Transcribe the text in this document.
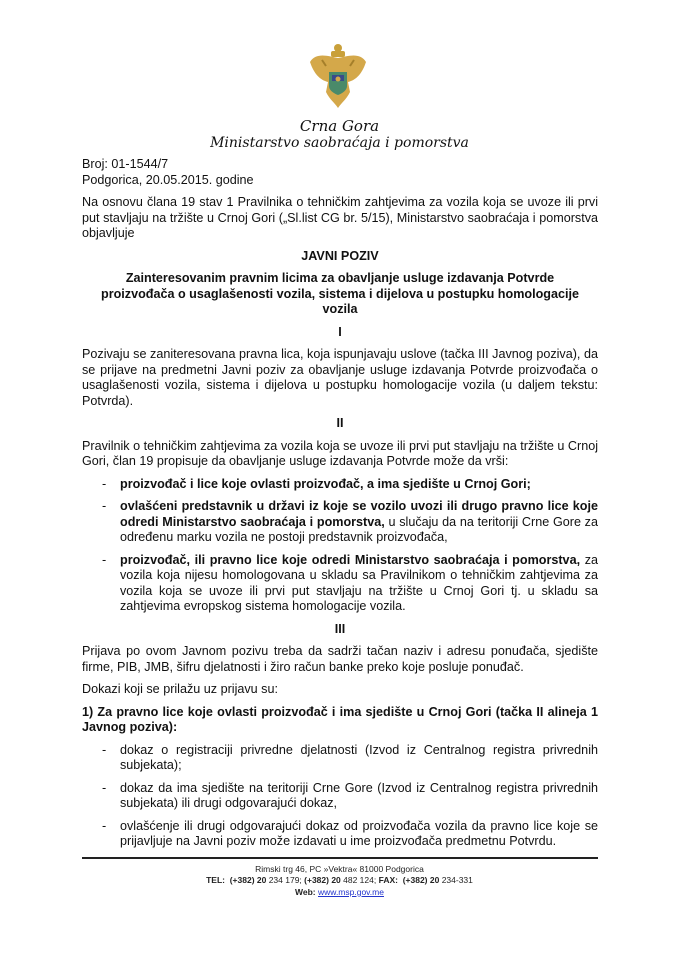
Crna Gora
Ministarstvo saobraćaja i pomorstva

Broj: 01-1544/7

Podgorica, 20.05.2015. godine

Na osnovu člana 19 stav 1 Pravilnika o tehničkim zahtjevima za vozila koja se uvoze ili prvi put stavljaju na tržište u Crnoj Gori („Sl.list CG br. 5/15), Ministarstvo saobraćaja i pomorstva objavljuje

JAVNI POZIV

Zainteresovanim pravnim licima za obavljanje usluge izdavanja Potvrde proizvođača o usaglašenosti vozila, sistema i dijelova u postupku homologacije vozila

I

Pozivaju se zaniteresovana pravna lica, koja ispunjavaju uslove (tačka III Javnog poziva), da se prijave na predmetni Javni poziv za obavljanje usluge izdavanja Potvrde proizvođača o usaglašenosti vozila, sistema i dijelova u postupku homologacije vozila (u daljem tekstu: Potvrda).

II

Pravilnik o tehničkim zahtjevima za vozila koja se uvoze ili prvi put stavljaju na tržište u Crnoj Gori, član 19 propisuje da obavljanje usluge izdavanja Potvrde može da vrši:

- proizvođač i lice koje ovlasti proizvođač, a ima sjedište u Crnoj Gori;
- ovlašćeni predstavnik u državi iz koje se vozilo uvozi ili drugo pravno lice koje odredi Ministarstvo saobraćaja i pomorstva, u slučaju da na teritoriji Crne Gore za određenu marku vozila ne postoji predstavnik proizvođača,
- proizvođač, ili pravno lice koje odredi Ministarstvo saobraćaja i pomorstva, za vozila koja nijesu homologovana u skladu sa Pravilnikom o tehničkim zahtjevima za vozila koja se uvoze ili prvi put stavljaju na tržište u Crnoj Gori tj. u skladu sa zahtjevima evropskog sistema homologacije vozila.

III

Prijava po ovom Javnom pozivu treba da sadrži tačan naziv i adresu ponuđača, sjedište firme, PIB, JMB, šifru djelatnosti i žiro račun banke preko koje posluje ponuđač.

Dokazi koji se prilažu uz prijavu su:

1) Za pravno lice koje ovlasti proizvođač i ima sjedište u Crnoj Gori (tačka II alineja 1 Javnog poziva):

- dokaz o registraciji privredne djelatnosti (Izvod iz Centralnog registra privrednih subjekata);
- dokaz da ima sjedište na teritoriji Crne Gore (Izvod iz Centralnog registra privrednih subjekata) ili drugi odgovarajući dokaz,
- ovlašćenje ili drugi odgovarajući dokaz od proizvođača vozila da pravno lice koje se prijavljuje na Javni poziv može izdavati u ime proizvođača predmetnu Potvrdu.
Rimski trg 46, PC »Vektra« 81000 Podgorica
TEL: (+382) 20 234 179; (+382) 20 482 124; FAX: (+382) 20 234-331
Web: www.msp.gov.me
